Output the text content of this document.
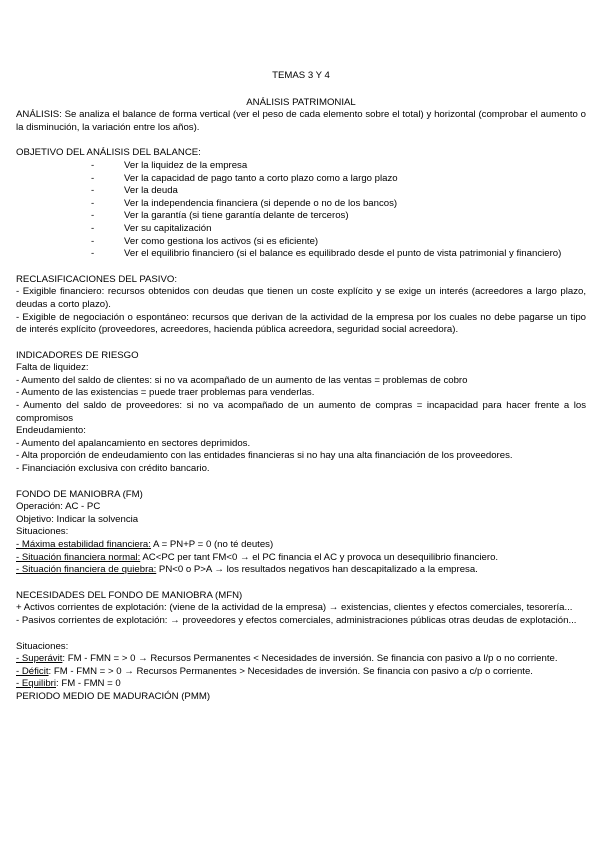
TEMAS 3 Y 4
ANÁLISIS PATRIMONIAL
ANÁLISIS: Se analiza el balance de forma vertical (ver el peso de cada elemento sobre el total) y horizontal (comprobar el aumento o la disminución, la variación entre los años).
OBJETIVO DEL ANÁLISIS DEL BALANCE:
- Ver la liquidez de la empresa
- Ver la capacidad de pago tanto a corto plazo como a largo plazo
- Ver la deuda
- Ver la independencia financiera (si depende o no de los bancos)
- Ver la garantía (si tiene garantía delante de terceros)
- Ver su capitalización
- Ver como gestiona los activos (si es eficiente)
- Ver el equilibrio financiero (si el balance es equilibrado desde el punto de vista patrimonial y financiero)
RECLASIFICACIONES DEL PASIVO:
- Exigible financiero: recursos obtenidos con deudas que tienen un coste explícito y se exige un interés (acreedores a largo plazo, deudas a corto plazo).
- Exigible de negociación o espontáneo: recursos que derivan de la actividad de la empresa por los cuales no debe pagarse un tipo de interés explícito (proveedores, acreedores, hacienda pública acreedora, seguridad social acreedora).
INDICADORES DE RIESGO
Falta de liquidez:
- Aumento del saldo de clientes: si no va acompañado de un aumento de las ventas = problemas de cobro
- Aumento de las existencias = puede traer problemas para venderlas.
- Aumento del saldo de proveedores: si no va acompañado de un aumento de compras = incapacidad para hacer frente a los compromisos
Endeudamiento:
- Aumento del apalancamiento en sectores deprimidos.
- Alta proporción de endeudamiento con las entidades financieras si no hay una alta financiación de los proveedores.
- Financiación exclusiva con crédito bancario.
FONDO DE MANIOBRA (FM)
Operación: AC - PC
Objetivo: Indicar la solvencia
Situaciones:
- Máxima estabilidad financiera: A = PN+P = 0 (no té deutes)
- Situación financiera normal: AC<PC per tant FM<0 → el PC financia el AC y provoca un desequilibrio financiero.
- Situación financiera de quiebra: PN<0 o P>A → los resultados negativos han descapitalizado a la empresa.
NECESIDADES DEL FONDO DE MANIOBRA (MFN)
+ Activos corrientes de explotación: (viene de la actividad de la empresa) → existencias, clientes y efectos comerciales, tesorería...
- Pasivos corrientes de explotación: → proveedores y efectos comerciales, administraciones públicas otras deudas de explotación...
Situaciones:
- Superávit: FM - FMN = > 0 → Recursos Permanentes < Necesidades de inversión. Se financia con pasivo a l/p o no corriente.
- Déficit: FM - FMN = > 0 → Recursos Permanentes > Necesidades de inversión. Se financia con pasivo a c/p o corriente.
- Equilibri: FM - FMN = 0
PERIODO MEDIO DE MADURACIÓN (PMM)
